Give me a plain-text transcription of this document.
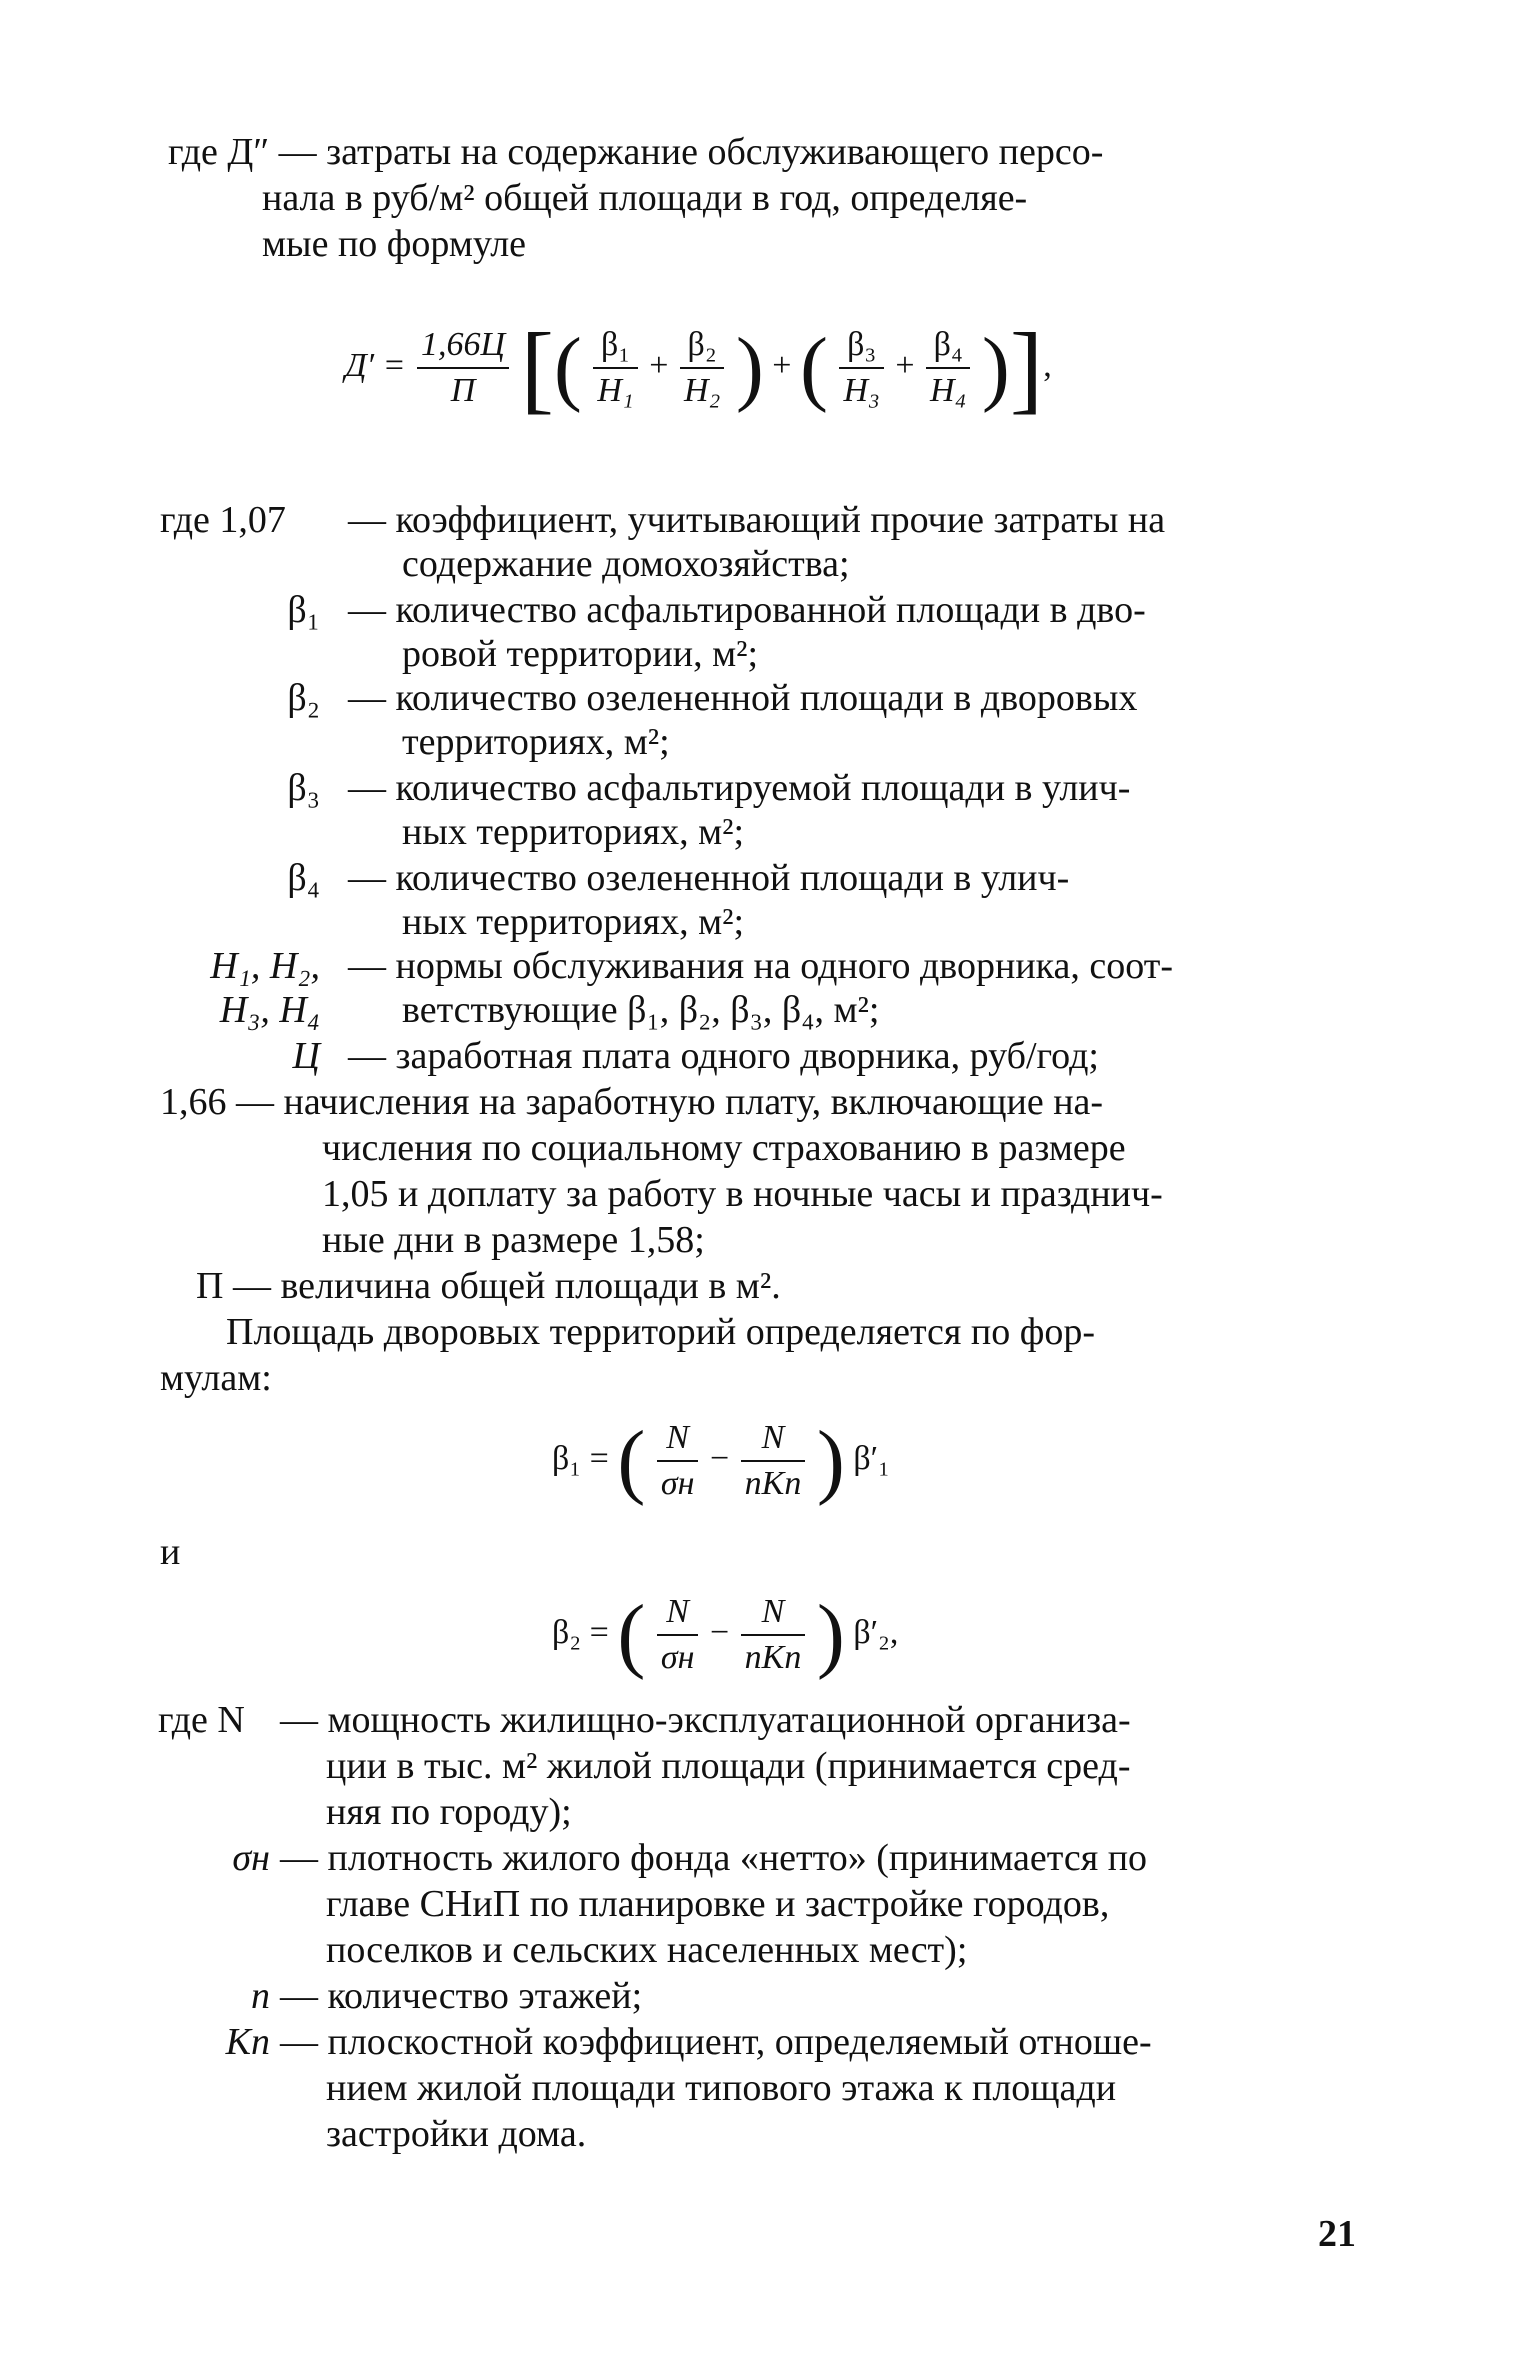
где Д″ — затраты на содержание обслуживающего персо-
нала в руб/м² общей площади в год, определяе-
мые по формуле
$Д' = \frac{1,66Ц}{П}$ [( $\frac{\text{β₁}}{\text{H₁}} + \frac{\text{β₂}}{\text{H₂}}$ ) + ( $\frac{\text{β₃}}{\text{H₃}} + \frac{\text{β₄}}{\text{H₄}}$ )],
где 1,07 — коэффициент, учитывающий прочие затраты на
содержание домохозяйства;
β₁ — количество асфальтированной площади в дво-
ровой территории, м²;
β₂ — количество озелененной площади в дворовых
территориях, м²;
β₃ — количество асфальтируемой площади в улич-
ных территориях, м²;
β₄ — количество озелененной площади в улич-
ных территориях, м²;
H₁, H₂,
H₃, H₄
— нормы обслуживания на одного дворника, соот-
ветствующие β₁, β₂, β₃, β₄, м²;
Ц — заработная плата одного дворника, руб/год;
1,66 — начисления на заработную плату, включающие на-
числения по социальному страхованию в размере
1,05 и доплату за работу в ночные часы и празднич-
ные дни в размере 1,58;
П — величина общей площади в м².
Площадь дворовых территорий определяется по фор-
мулам:
β₁ = ( $\frac{N}{\sigma н} - \frac{N}{\text{nKn}}$ ) β′₁
и
β₂ = ( $\frac{N}{\sigma н} - \frac{N}{\text{nKn}}$ ) β′₂,
где N — мощность жилищно-эксплуатационной организа-
ции в тыс. м² жилой площади (принимается сред-
няя по городу);
σн — плотность жилого фонда «нетто» (принимается по
главе СНиП по планировке и застройке городов,
поселков и сельских населенных мест);
n — количество этажей;
Kn — плоскостной коэффициент, определяемый отноше-
нием жилой площади типового этажа к площади
застройки дома.
21
